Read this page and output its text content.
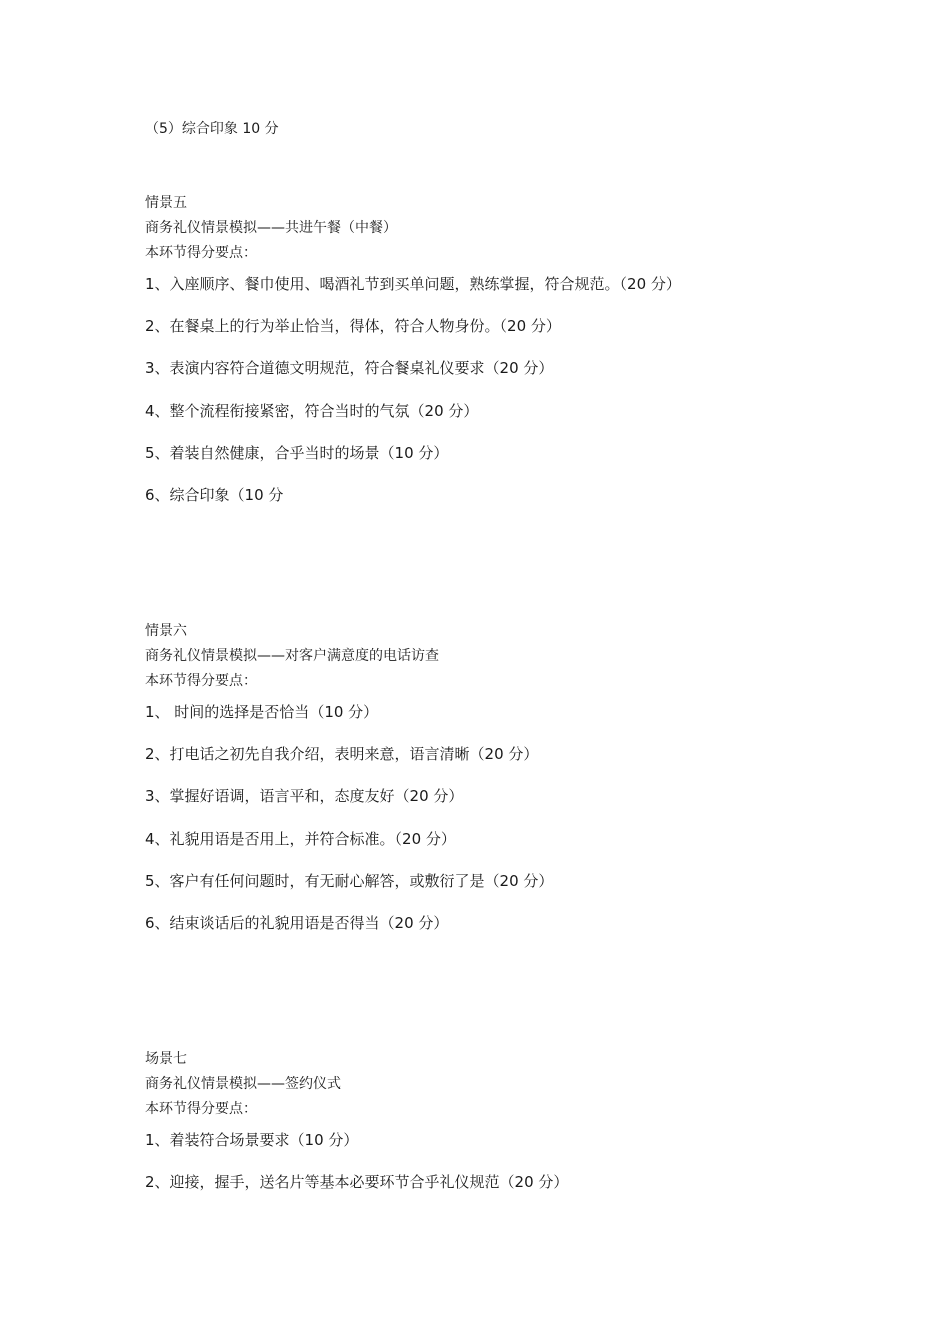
（5）综合印象 10 分
情景五
商务礼仪情景模拟——共进午餐（中餐）
本环节得分要点：
1、入座顺序、餐巾使用、喝酒礼节到买单问题，熟练掌握，符合规范。（20 分）
2、在餐桌上的行为举止恰当，得体，符合人物身份。（20 分）
3、表演内容符合道德文明规范，符合餐桌礼仪要求（20 分）
4、整个流程衔接紧密，符合当时的气氛（20 分）
5、着装自然健康，合乎当时的场景（10 分）
6、综合印象（10 分
情景六
商务礼仪情景模拟——对客户满意度的电话访查
本环节得分要点：
1、 时间的选择是否恰当（10 分）
2、打电话之初先自我介绍，表明来意，语言清晰（20 分）
3、掌握好语调，语言平和，态度友好（20 分）
4、礼貌用语是否用上，并符合标准。（20 分）
5、客户有任何问题时，有无耐心解答，或敷衍了是（20 分）
6、结束谈话后的礼貌用语是否得当（20 分）
场景七
商务礼仪情景模拟——签约仪式
本环节得分要点：
1、着装符合场景要求（10 分）
2、迎接，握手，送名片等基本必要环节合乎礼仪规范（20 分）
